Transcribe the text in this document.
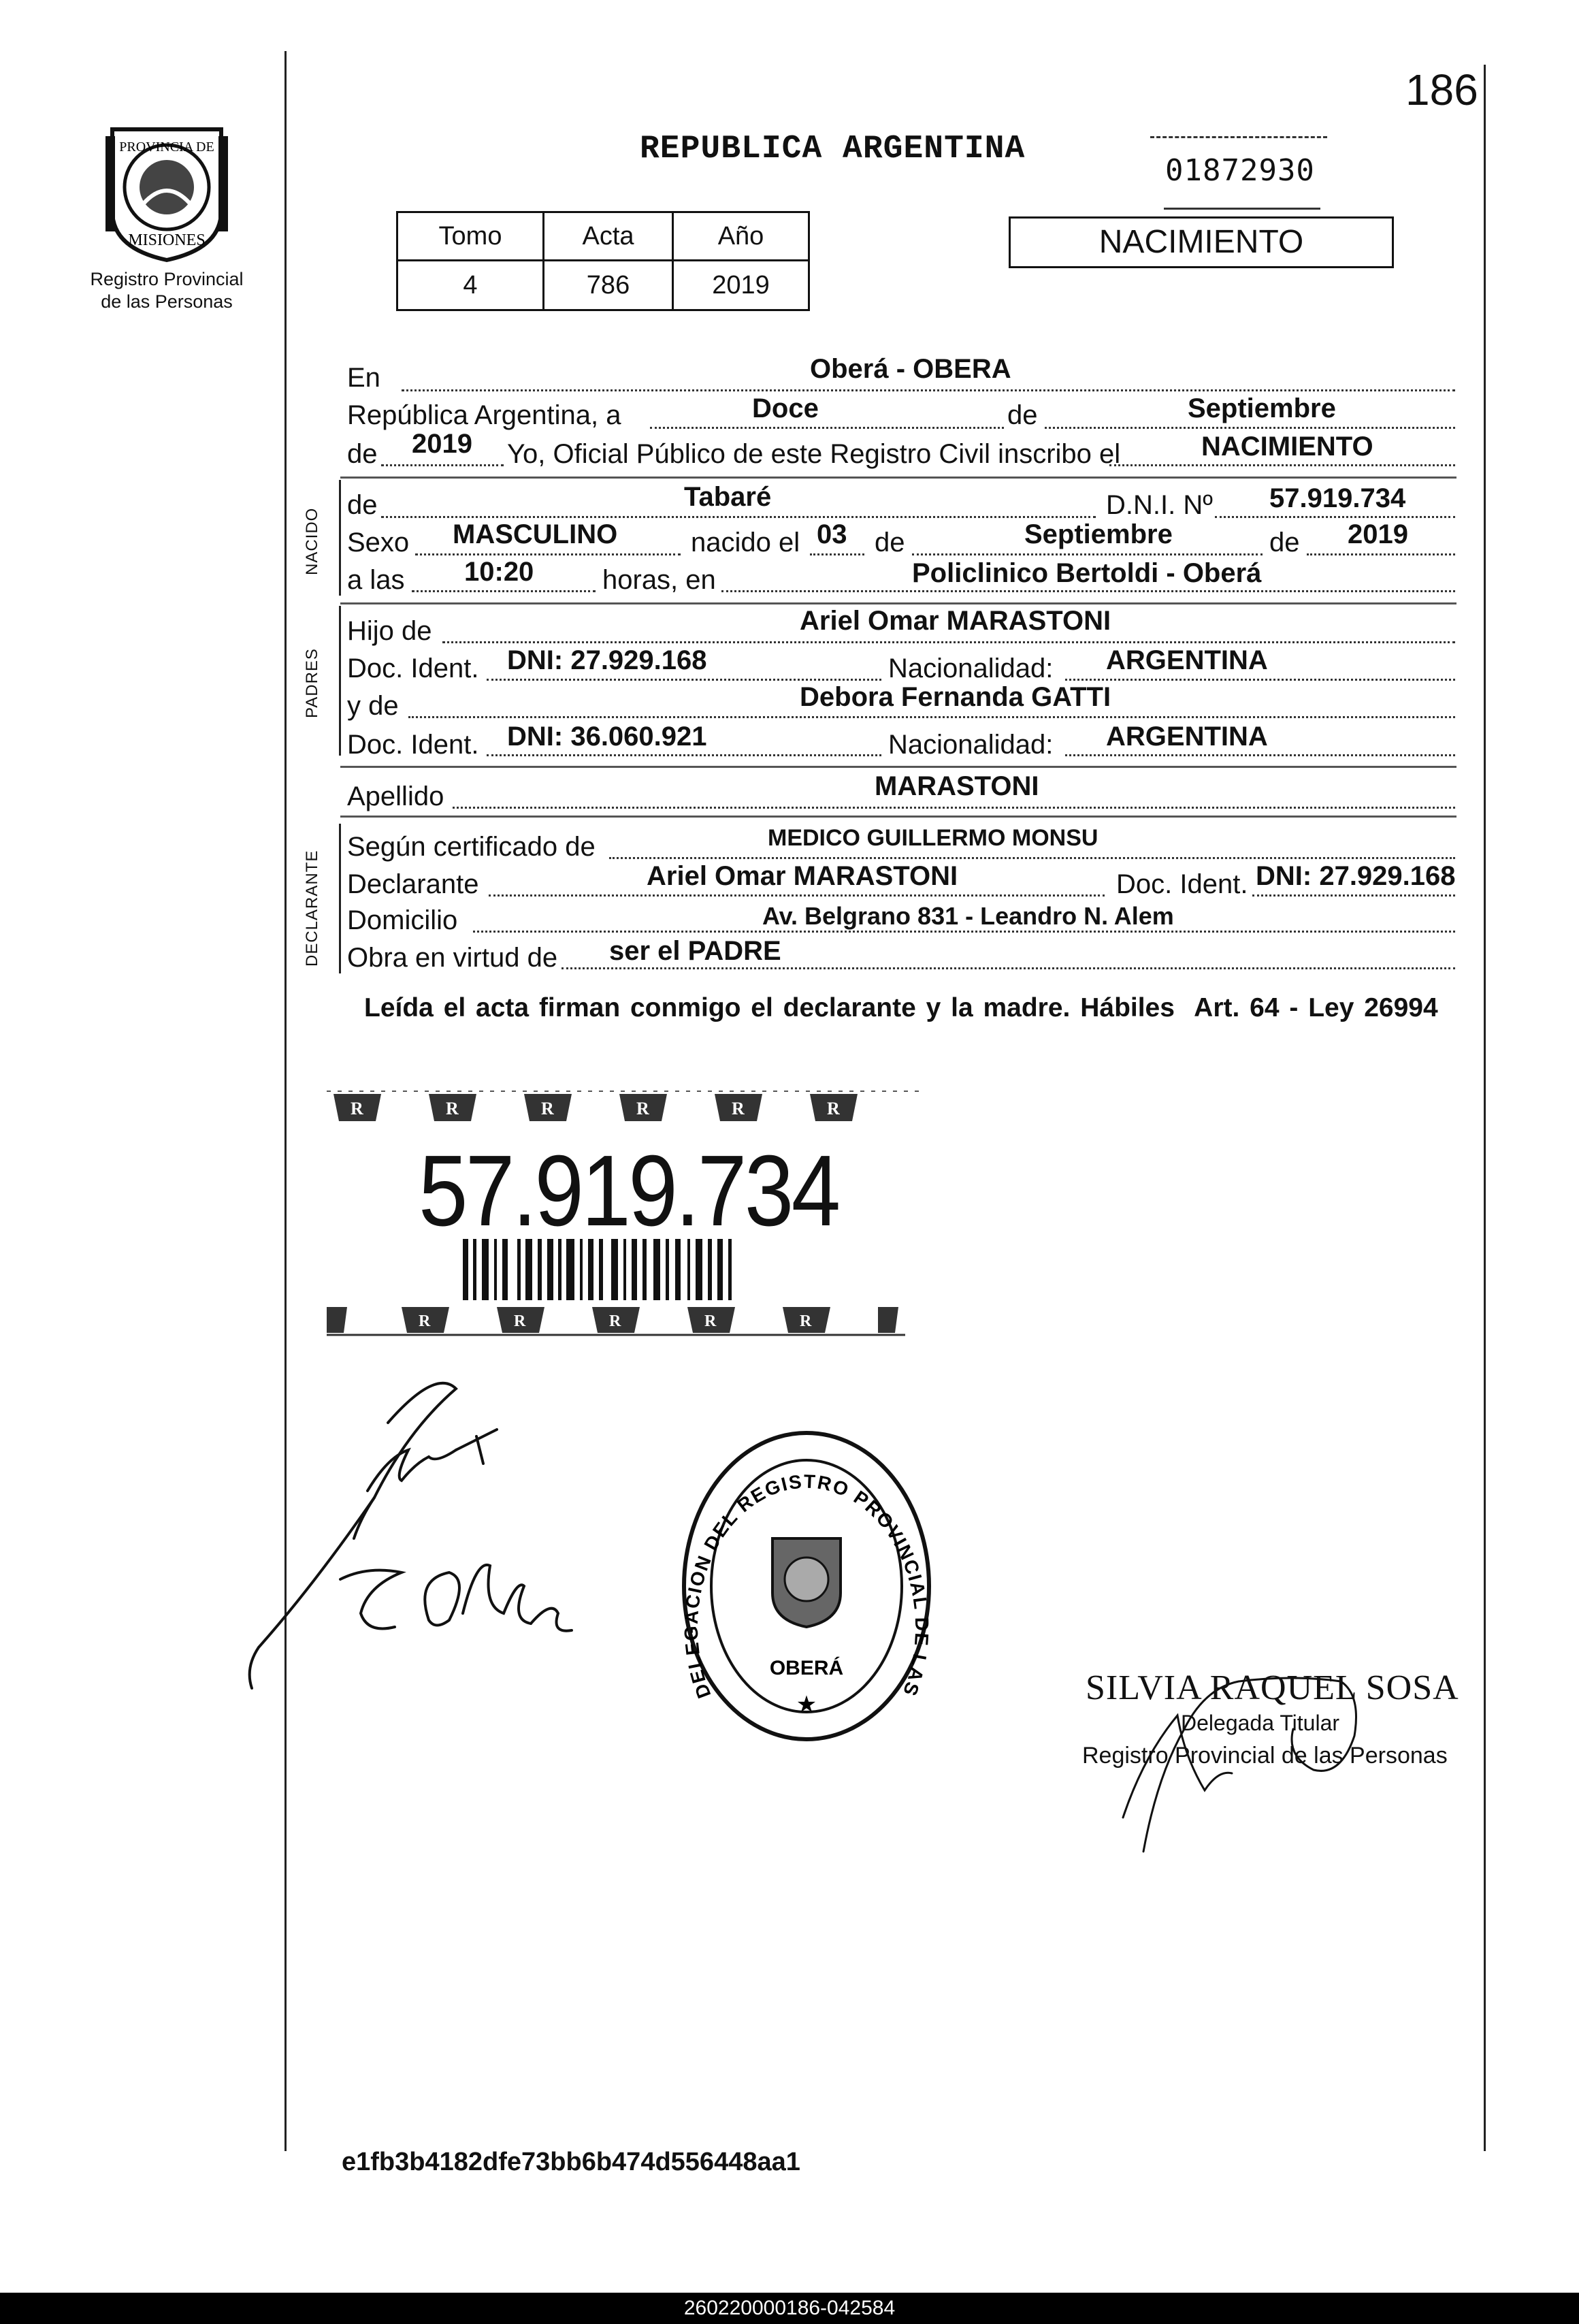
PROVINCIA DE
MISIONES
Registro Provincial
de las Personas
186
REPUBLICA ARGENTINA
01872930
Tomo	Acta	Año
4	786	2019
NACIMIENTO
En	Oberá - OBERA
República Argentina, a	Doce	de	Septiembre
de 2019 Yo, Oficial Público de este Registro Civil inscribo el	NACIMIENTO
NACIDO
de	Tabaré	D.N.I. Nº 57.919.734
Sexo MASCULINO	nacido el 03 de	Septiembre	de 2019
a las 10:20	horas, en	Policlinico Bertoldi - Oberá
PADRES
Hijo de	Ariel Omar MARASTONI
Doc. Ident. DNI: 27.929.168	Nacionalidad: ARGENTINA
y de	Debora Fernanda GATTI
Doc. Ident. DNI: 36.060.921	Nacionalidad: ARGENTINA
Apellido	MARASTONI
DECLARANTE
Según certificado de	MEDICO GUILLERMO MONSU
Declarante	Ariel Omar MARASTONI	Doc. Ident. DNI: 27.929.168
Domicilio	Av. Belgrano 831 - Leandro N. Alem
Obra en virtud de ser el PADRE
Leída el acta firman conmigo el declarante y la madre. Hábiles  Art. 64 - Ley 26994
R	R	R	R	R	R
R	R	R	R	R
57.919.734
DELEGACION DEL REGISTRO PROVINCIAL DE LAS
OBERÁ
★	SILVIA RAQUEL SOSA
Delegada Titular
Registro Provincial de las Personas
e1fb3b4182dfe73bb6b474d556448aa1
260220000186-042584
